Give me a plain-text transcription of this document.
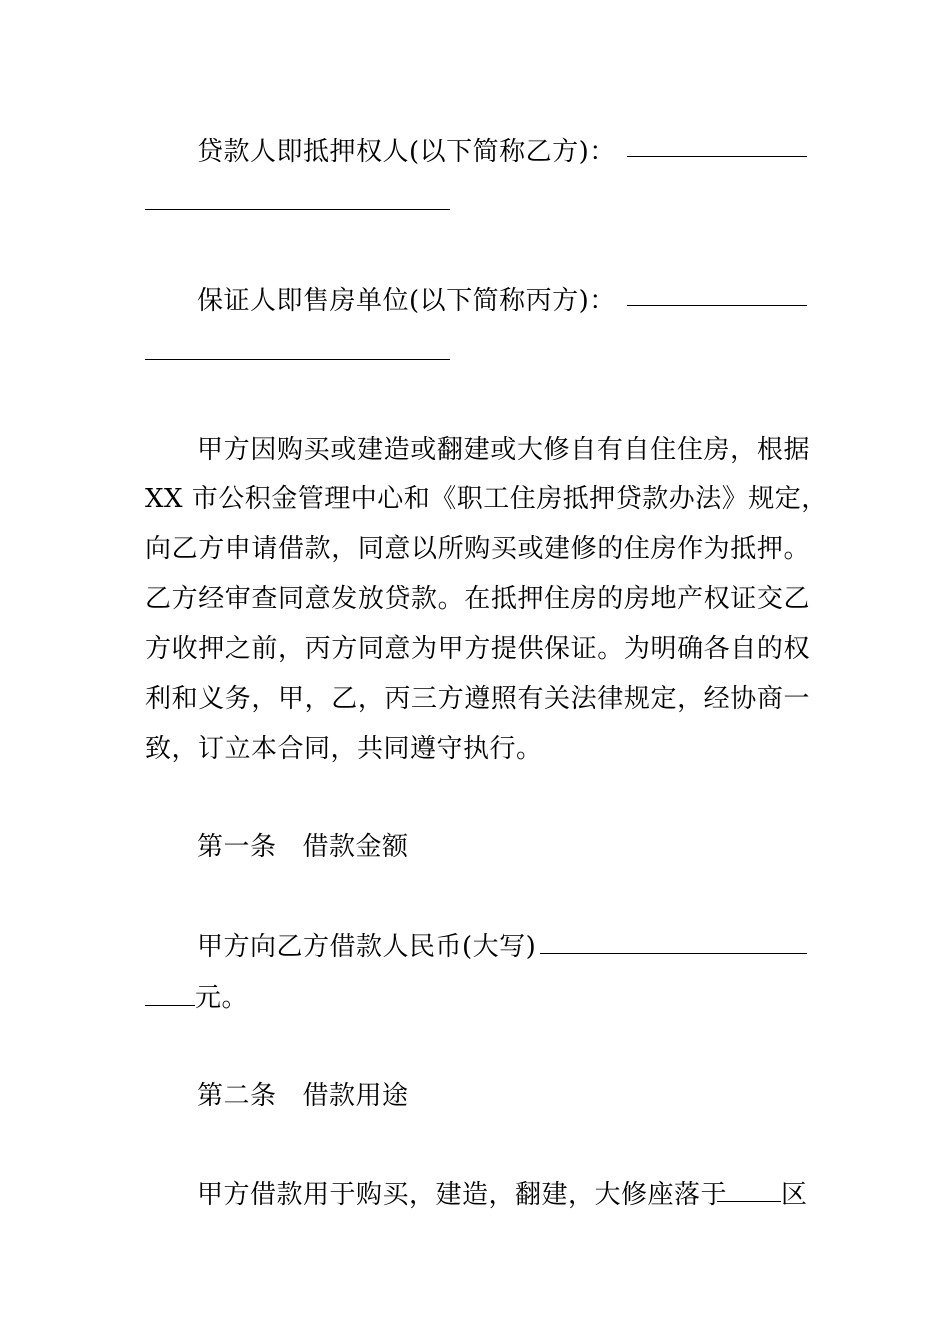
贷款人即抵押权人(以下简称乙方)：
保证人即售房单位(以下简称丙方)：
甲方因购买或建造或翻建或大修自有自住住房，根据
XX 市公积金管理中心和《职工住房抵押贷款办法》规定，
向乙方申请借款，同意以所购买或建修的住房作为抵押。
乙方经审查同意发放贷款。在抵押住房的房地产权证交乙
方收押之前，丙方同意为甲方提供保证。为明确各自的权
利和义务，甲，乙，丙三方遵照有关法律规定，经协商一
致，订立本合同，共同遵守执行。
第一条 借款金额
甲方向乙方借款人民币(大写)
元。
第二条 借款用途
甲方借款用于购买，建造，翻建，大修座落于	区
